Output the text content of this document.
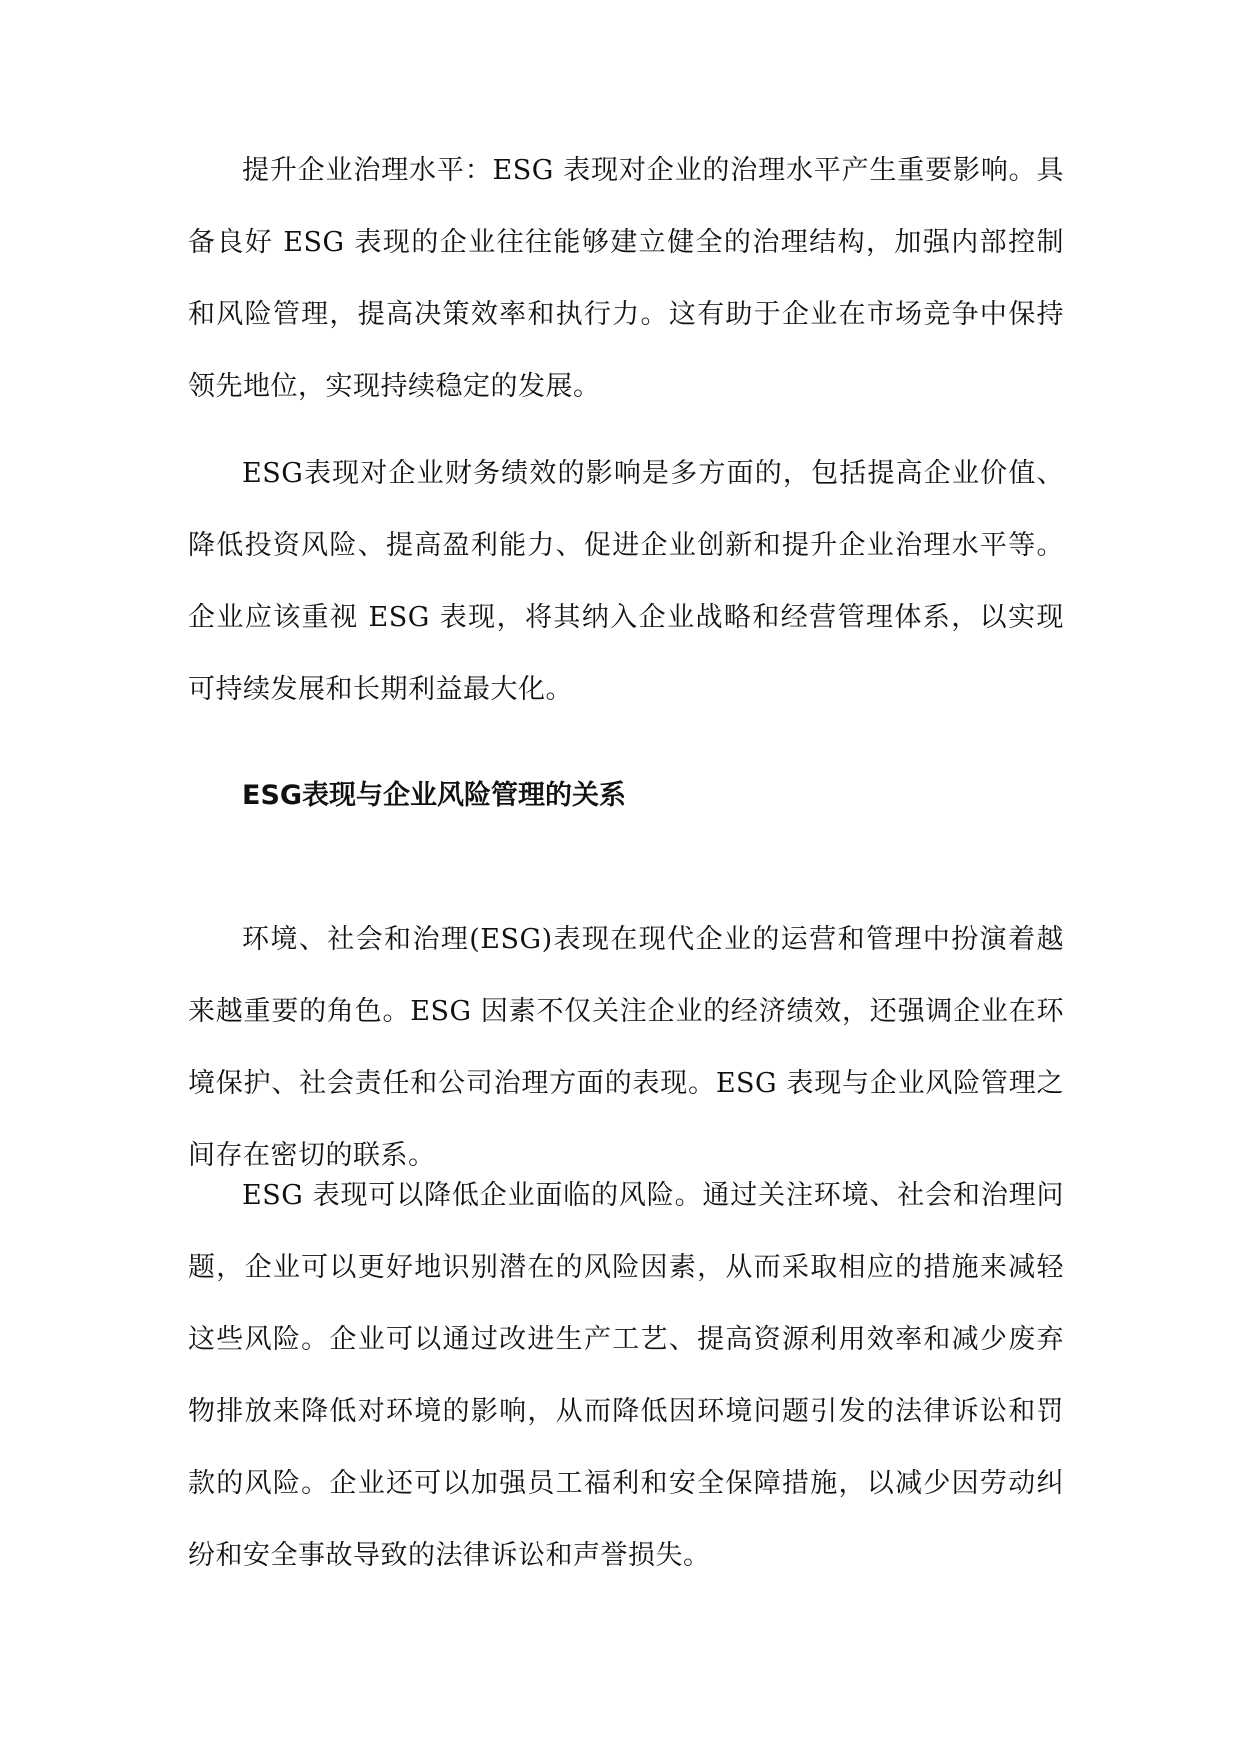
提升企业治理水平：ESG 表现对企业的治理水平产生重要影响。具备良好 ESG 表现的企业往往能够建立健全的治理结构，加强内部控制和风险管理，提高决策效率和执行力。这有助于企业在市场竞争中保持领先地位，实现持续稳定的发展。

ESG表现对企业财务绩效的影响是多方面的，包括提高企业价值、降低投资风险、提高盈利能力、促进企业创新和提升企业治理水平等。企业应该重视 ESG 表现，将其纳入企业战略和经营管理体系，以实现可持续发展和长期利益最大化。

ESG表现与企业风险管理的关系

环境、社会和治理(ESG)表现在现代企业的运营和管理中扮演着越来越重要的角色。ESG 因素不仅关注企业的经济绩效，还强调企业在环境保护、社会责任和公司治理方面的表现。ESG 表现与企业风险管理之间存在密切的联系。

ESG 表现可以降低企业面临的风险。通过关注环境、社会和治理问题，企业可以更好地识别潜在的风险因素，从而采取相应的措施来减轻这些风险。企业可以通过改进生产工艺、提高资源利用效率和减少废弃物排放来降低对环境的影响，从而降低因环境问题引发的法律诉讼和罚款的风险。企业还可以加强员工福利和安全保障措施，以减少因劳动纠纷和安全事故导致的法律诉讼和声誉损失。
